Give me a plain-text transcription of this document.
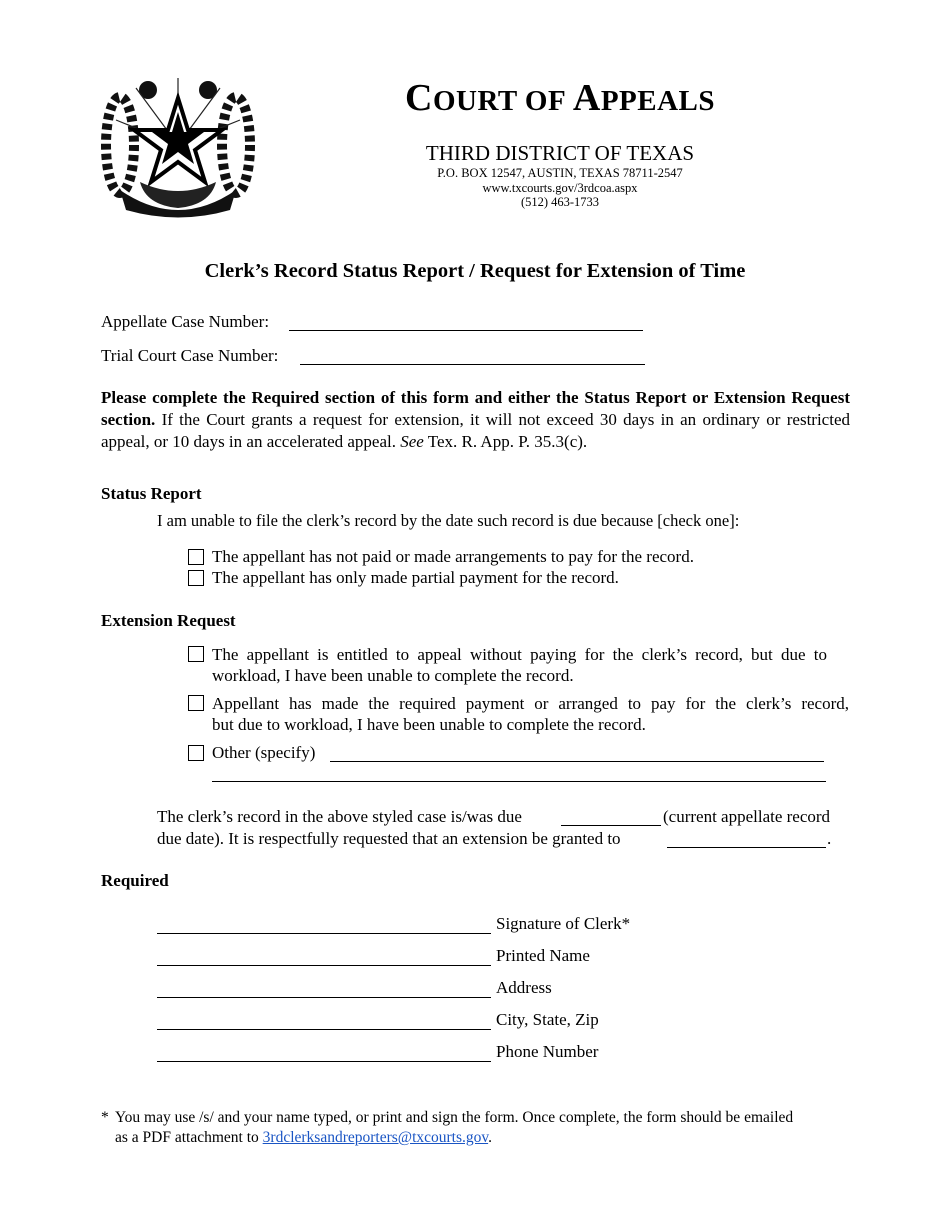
COURT OF APPEALS
THIRD DISTRICT OF TEXAS
P.O. BOX 12547, AUSTIN, TEXAS 78711-2547
www.txcourts.gov/3rdcoa.aspx
(512) 463-1733
Clerk’s Record Status Report / Request for Extension of Time
Appellate Case Number:
Trial Court Case Number:
Please complete the Required section of this form and either the Status Report or Extension Request section. If the Court grants a request for extension, it will not exceed 30 days in an ordinary or restricted appeal, or 10 days in an accelerated appeal. See Tex. R. App. P. 35.3(c).
Status Report
I am unable to file the clerk’s record by the date such record is due because [check one]:
The appellant has not paid or made arrangements to pay for the record.
The appellant has only made partial payment for the record.
Extension Request
The appellant is entitled to appeal without paying for the clerk’s record, but due to
workload, I have been unable to complete the record.
Appellant has made the required payment or arranged to pay for the clerk’s record,
but due to workload, I have been unable to complete the record.
Other (specify)
The clerk’s record in the above styled case is/was due	(current appellate record
due date). It is respectfully requested that an extension be granted to	.
Required
Signature of Clerk*
Printed Name
Address
City, State, Zip
Phone Number
* You may use /s/ and your name typed, or print and sign the form. Once complete, the form should be emailed
as a PDF attachment to 3rdclerksandreporters@txcourts.gov.
